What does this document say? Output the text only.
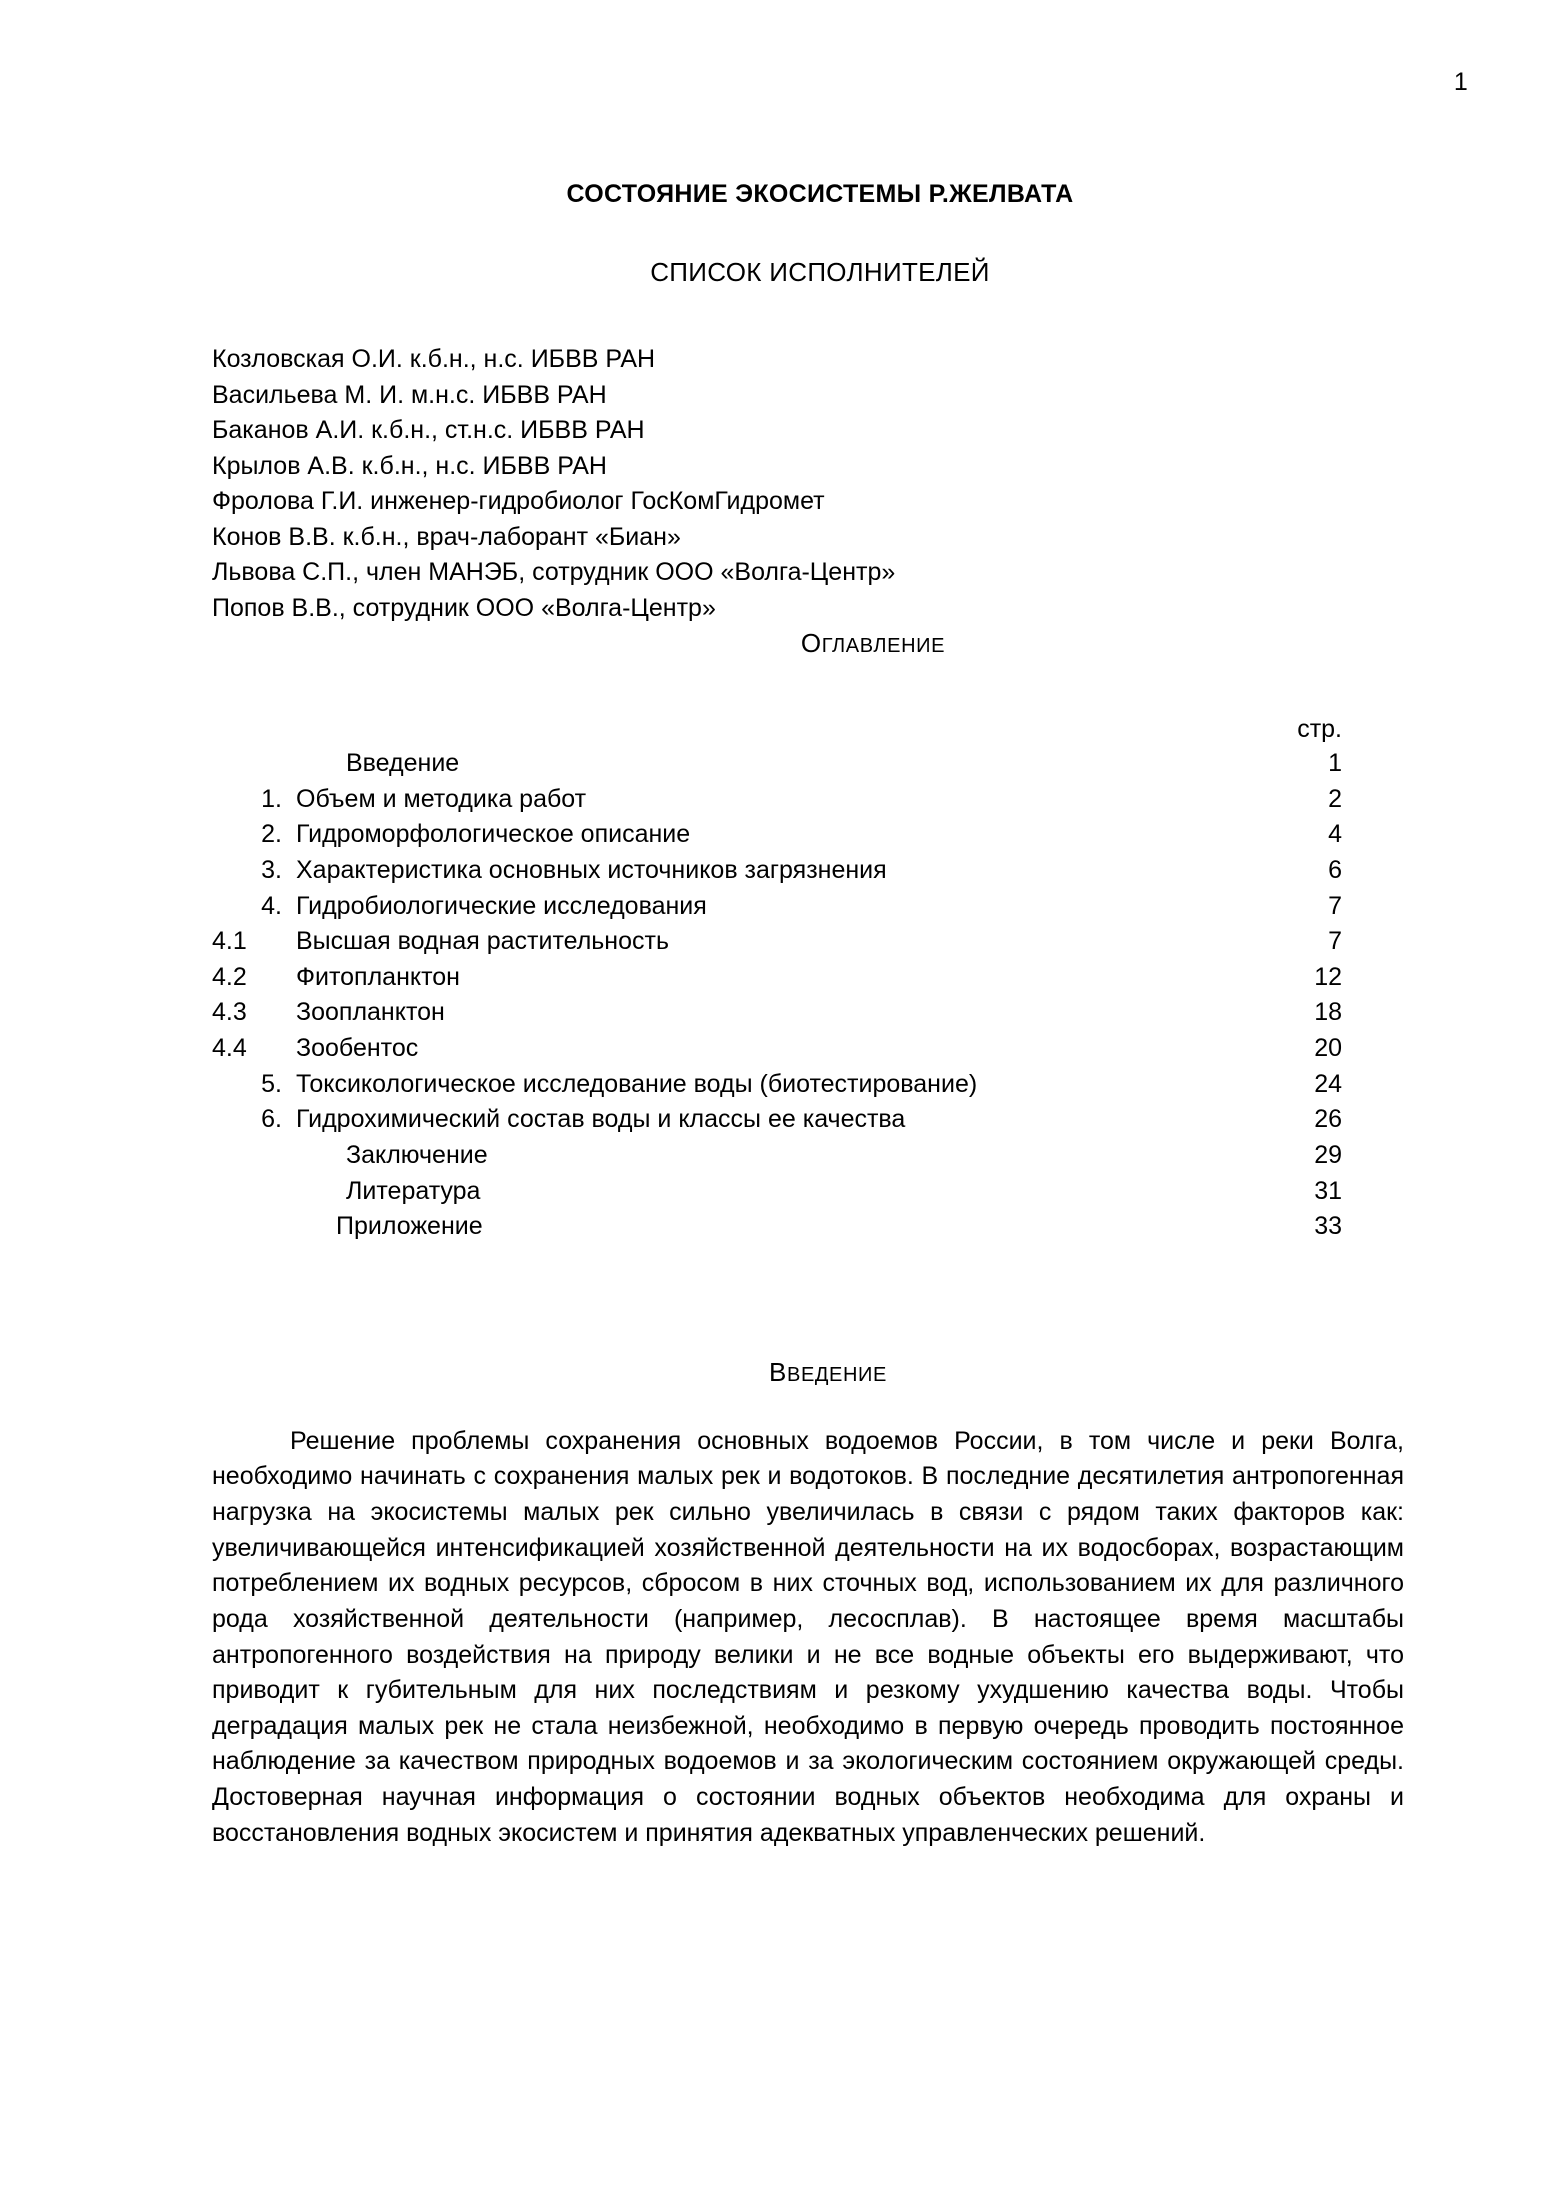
1
СОСТОЯНИЕ ЭКОСИСТЕМЫ Р.ЖЕЛВАТА
СПИСОК ИСПОЛНИТЕЛЕЙ
Козловская О.И. к.б.н., н.с. ИБВВ РАН
Васильева М. И. м.н.с. ИБВВ РАН
Баканов А.И. к.б.н., ст.н.с. ИБВВ РАН
Крылов А.В. к.б.н., н.с. ИБВВ РАН
Фролова Г.И. инженер-гидробиолог ГосКомГидромет
Конов В.В. к.б.н., врач-лаборант «Биан»
Львова С.П., член МАНЭБ, сотрудник ООО «Волга-Центр»
Попов В.В., сотрудник ООО «Волга-Центр»
ОГЛАВЛЕНИЕ
стр.
Введение	1
1. Объем и методика работ	2
2. Гидроморфологическое описание	4
3. Характеристика основных источников загрязнения	6
4. Гидробиологические исследования	7
4.1	Высшая водная растительность	7
4.2	Фитопланктон	12
4.3	Зоопланктон	18
4.4	Зообентос	20
5. Токсикологическое исследование воды (биотестирование)	24
6. Гидрохимический состав воды и классы ее качества	26
Заключение	29
Литература	31
Приложение	33
ВВЕДЕНИЕ

Решение проблемы сохранения основных водоемов России, в том числе и реки Волга, необходимо начинать с сохранения малых рек и водотоков. В последние десятилетия антропогенная нагрузка на экосистемы малых рек сильно увеличилась в связи с рядом таких факторов как: увеличивающейся интенсификацией хозяйственной деятельности на их водосборах, возрастающим потреблением их водных ресурсов, сбросом в них сточных вод, использованием их для различного рода хозяйственной деятельности (например, лесосплав). В настоящее время масштабы антропогенного воздействия на природу велики и не все водные объекты его выдерживают, что приводит к губительным для них последствиям и резкому ухудшению качества воды. Чтобы деградация малых рек не стала неизбежной, необходимо в первую очередь проводить постоянное наблюдение за качеством природных водоемов и за экологическим состоянием окружающей среды. Достоверная научная информация о состоянии водных объектов необходима для охраны и восстановления водных экосистем и принятия адекватных управленческих решений.
